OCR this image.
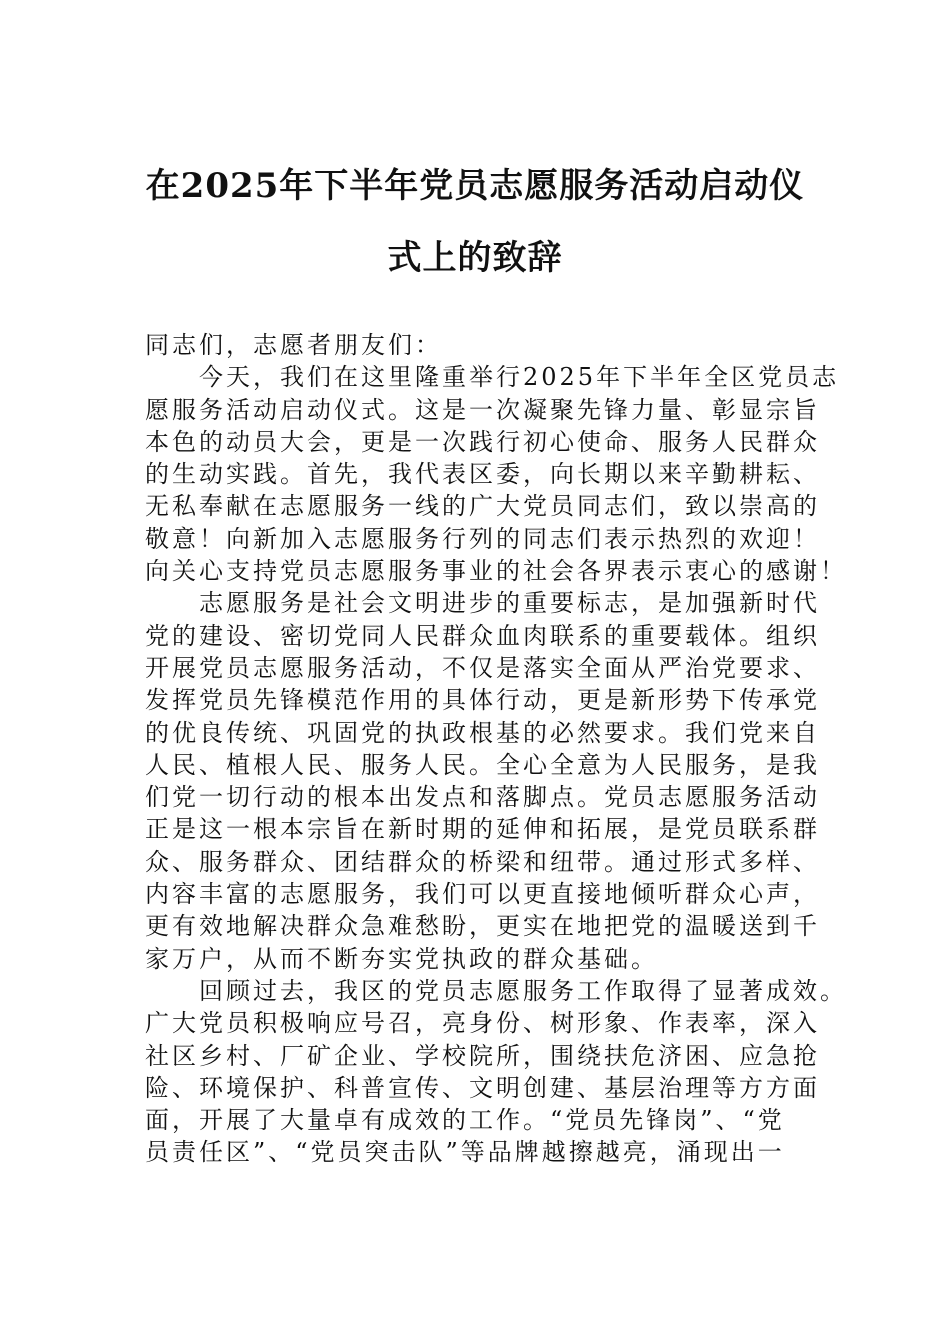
在2025年下半年党员志愿服务活动启动仪
式上的致辞
同志们，志愿者朋友们：
今天，我们在这里隆重举行2025年下半年全区党员志
愿服务活动启动仪式。这是一次凝聚先锋力量、彰显宗旨
本色的动员大会，更是一次践行初心使命、服务人民群众
的生动实践。首先，我代表区委，向长期以来辛勤耕耘、
无私奉献在志愿服务一线的广大党员同志们，致以崇高的
敬意！向新加入志愿服务行列的同志们表示热烈的欢迎！
向关心支持党员志愿服务事业的社会各界表示衷心的感谢！
志愿服务是社会文明进步的重要标志，是加强新时代
党的建设、密切党同人民群众血肉联系的重要载体。组织
开展党员志愿服务活动，不仅是落实全面从严治党要求、
发挥党员先锋模范作用的具体行动，更是新形势下传承党
的优良传统、巩固党的执政根基的必然要求。我们党来自
人民、植根人民、服务人民。全心全意为人民服务，是我
们党一切行动的根本出发点和落脚点。党员志愿服务活动
正是这一根本宗旨在新时期的延伸和拓展，是党员联系群
众、服务群众、团结群众的桥梁和纽带。通过形式多样、
内容丰富的志愿服务，我们可以更直接地倾听群众心声，
更有效地解决群众急难愁盼，更实在地把党的温暖送到千
家万户，从而不断夯实党执政的群众基础。
回顾过去，我区的党员志愿服务工作取得了显著成效。
广大党员积极响应号召，亮身份、树形象、作表率，深入
社区乡村、厂矿企业、学校院所，围绕扶危济困、应急抢
险、环境保护、科普宣传、文明创建、基层治理等方方面
面，开展了大量卓有成效的工作。“党员先锋岗”、“党
员责任区”、“党员突击队”等品牌越擦越亮，涌现出一
